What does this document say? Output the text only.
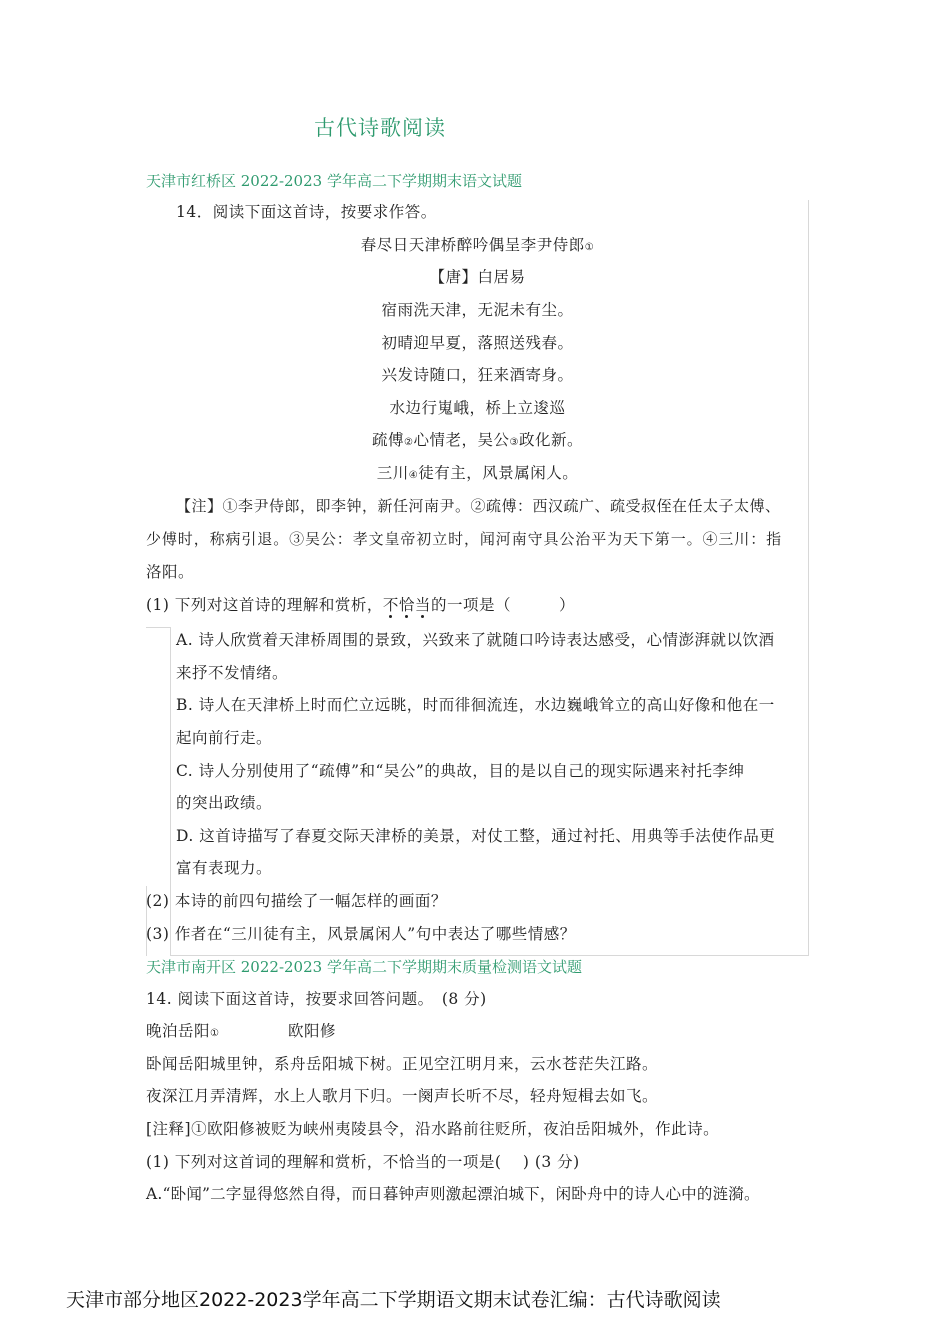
古代诗歌阅读
天津市红桥区 2022-2023 学年高二下学期期末语文试题
14．阅读下面这首诗，按要求作答。
春尽日天津桥醉吟偶呈李尹侍郎①
【唐】白居易
宿雨洗天津，无泥未有尘。
初晴迎早夏，落照送残春。
兴发诗随口，狂来酒寄身。
水边行嵬峨，桥上立逡巡
疏傅②心情老，吴公③政化新。
三川④徒有主，风景属闲人。
【注】①李尹侍郎，即李钟，新任河南尹。②疏傅：西汉疏广、疏受叔侄在任太子太傅、
少傅时，称病引退。③吴公：孝文皇帝初立时，闻河南守具公治平为天下第一。④三川：指
洛阳。
(1) 下列对这首诗的理解和赏析，不恰当的一项是（　　　）
A. 诗人欣赏着天津桥周围的景致，兴致来了就随口吟诗表达感受，心情澎湃就以饮酒
来抒不发情绪。
B. 诗人在天津桥上时而伫立远眺，时而徘徊流连，水边巍峨耸立的高山好像和他在一
起向前行走。
C. 诗人分别使用了“疏傅”和“吴公”的典故，目的是以自己的现实际遇来衬托李绅
的突出政绩。
D. 这首诗描写了春夏交际天津桥的美景，对仗工整，通过衬托、用典等手法使作品更
富有表现力。
(2) 本诗的前四句描绘了一幅怎样的画面？
(3) 作者在“三川徒有主，风景属闲人”句中表达了哪些情感？
天津市南开区 2022-2023 学年高二下学期期末质量检测语文试题
14. 阅读下面这首诗，按要求回答问题。　(8 分)
晚泊岳阳①	欧阳修
卧闻岳阳城里钟，系舟岳阳城下树。正见空江明月来，云水苍茫失江路。
夜深江月弄清辉，水上人歌月下归。一阕声长听不尽，轻舟短楫去如飞。
[注释]①欧阳修被贬为峡州夷陵县令，沿水路前往贬所，夜泊岳阳城外，作此诗。
(1) 下列对这首词的理解和赏析，不恰当的一项是(　 ) (3 分)
A.“卧闻”二字显得悠然自得，而日暮钟声则激起漂泊城下，闲卧舟中的诗人心中的涟漪。
天津市部分地区2022-2023学年高二下学期语文期末试卷汇编：古代诗歌阅读
